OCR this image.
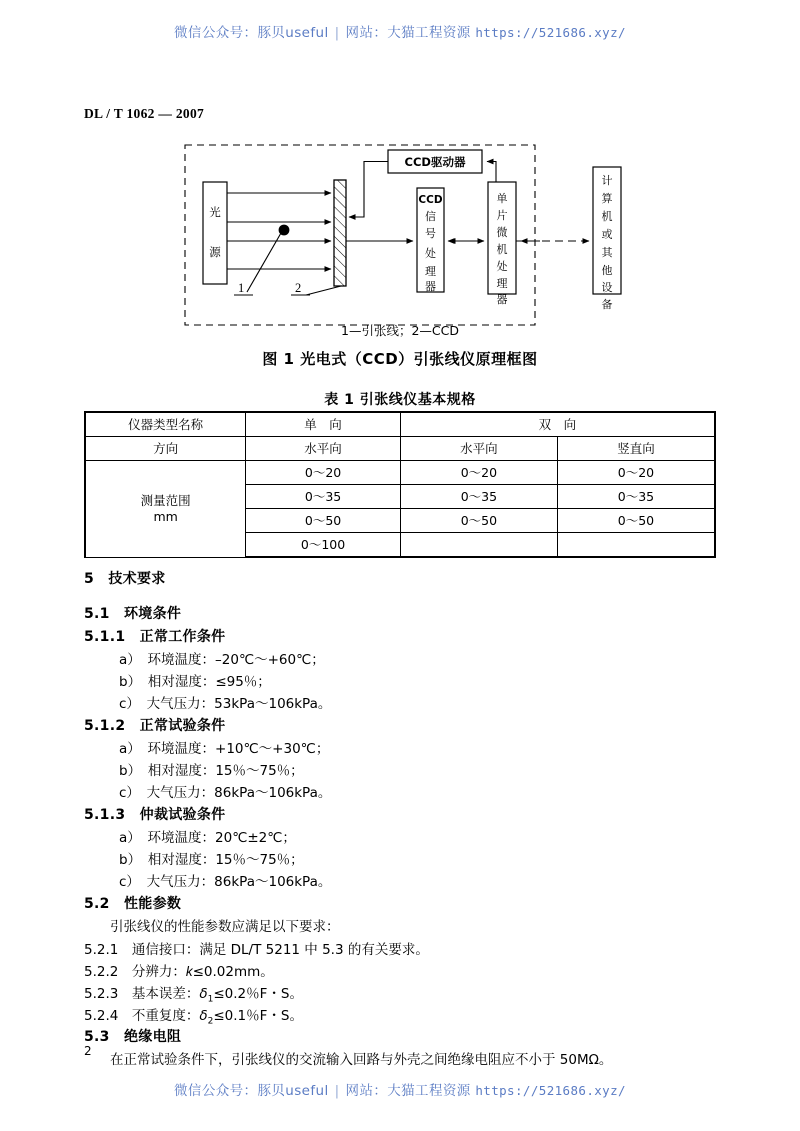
微信公众号：豚贝useful | 网站：大猫工程资源 https://521686.xyz/
DL / T 1062 — 2007
光
源
CCD驱动器
CCD
信
号
处
理
器
单
片
微
机
处
理
器
计
算
机
或
其
他
设
备
1	2
1—引张线；2—CCD
图 1 光电式（CCD）引张线仪原理框图
表 1 引张线仪基本规格
仪器类型名称	单　向	双　向	
方向	水平向	水平向	竖直向

测量范围
mm	0～20	0～20	0～20
	0～35	0～35	0～35
	0～50	0～50	0～50
	0～100		
5　技术要求
5.1　环境条件
5.1.1　正常工作条件
a）　环境温度：–20℃～+60℃；
b）　相对湿度：≤95％；
c）　大气压力：53kPa～106kPa。
5.1.2　正常试验条件
a）　环境温度：+10℃～+30℃；
b）　相对湿度：15％～75％；
c）　大气压力：86kPa～106kPa。
5.1.3　仲裁试验条件
a）　环境温度：20℃±2℃；
b）　相对湿度：15％～75％；
c）　大气压力：86kPa～106kPa。
5.2　性能参数
引张线仪的性能参数应满足以下要求：
5.2.1　通信接口：满足 DL/T 5211 中 5.3 的有关要求。
5.2.2　分辨力：k≤0.02mm。
5.2.3　基本误差：$\delta_1\le 0.2$％F・S。
5.2.4　不重复度：$\delta_2\le 0.1$％F・S。
5.3　绝缘电阻
在正常试验条件下，引张线仪的交流输入回路与外壳之间绝缘电阻应不小于 50MΩ。
2
微信公众号：豚贝useful | 网站：大猫工程资源 https://521686.xyz/
